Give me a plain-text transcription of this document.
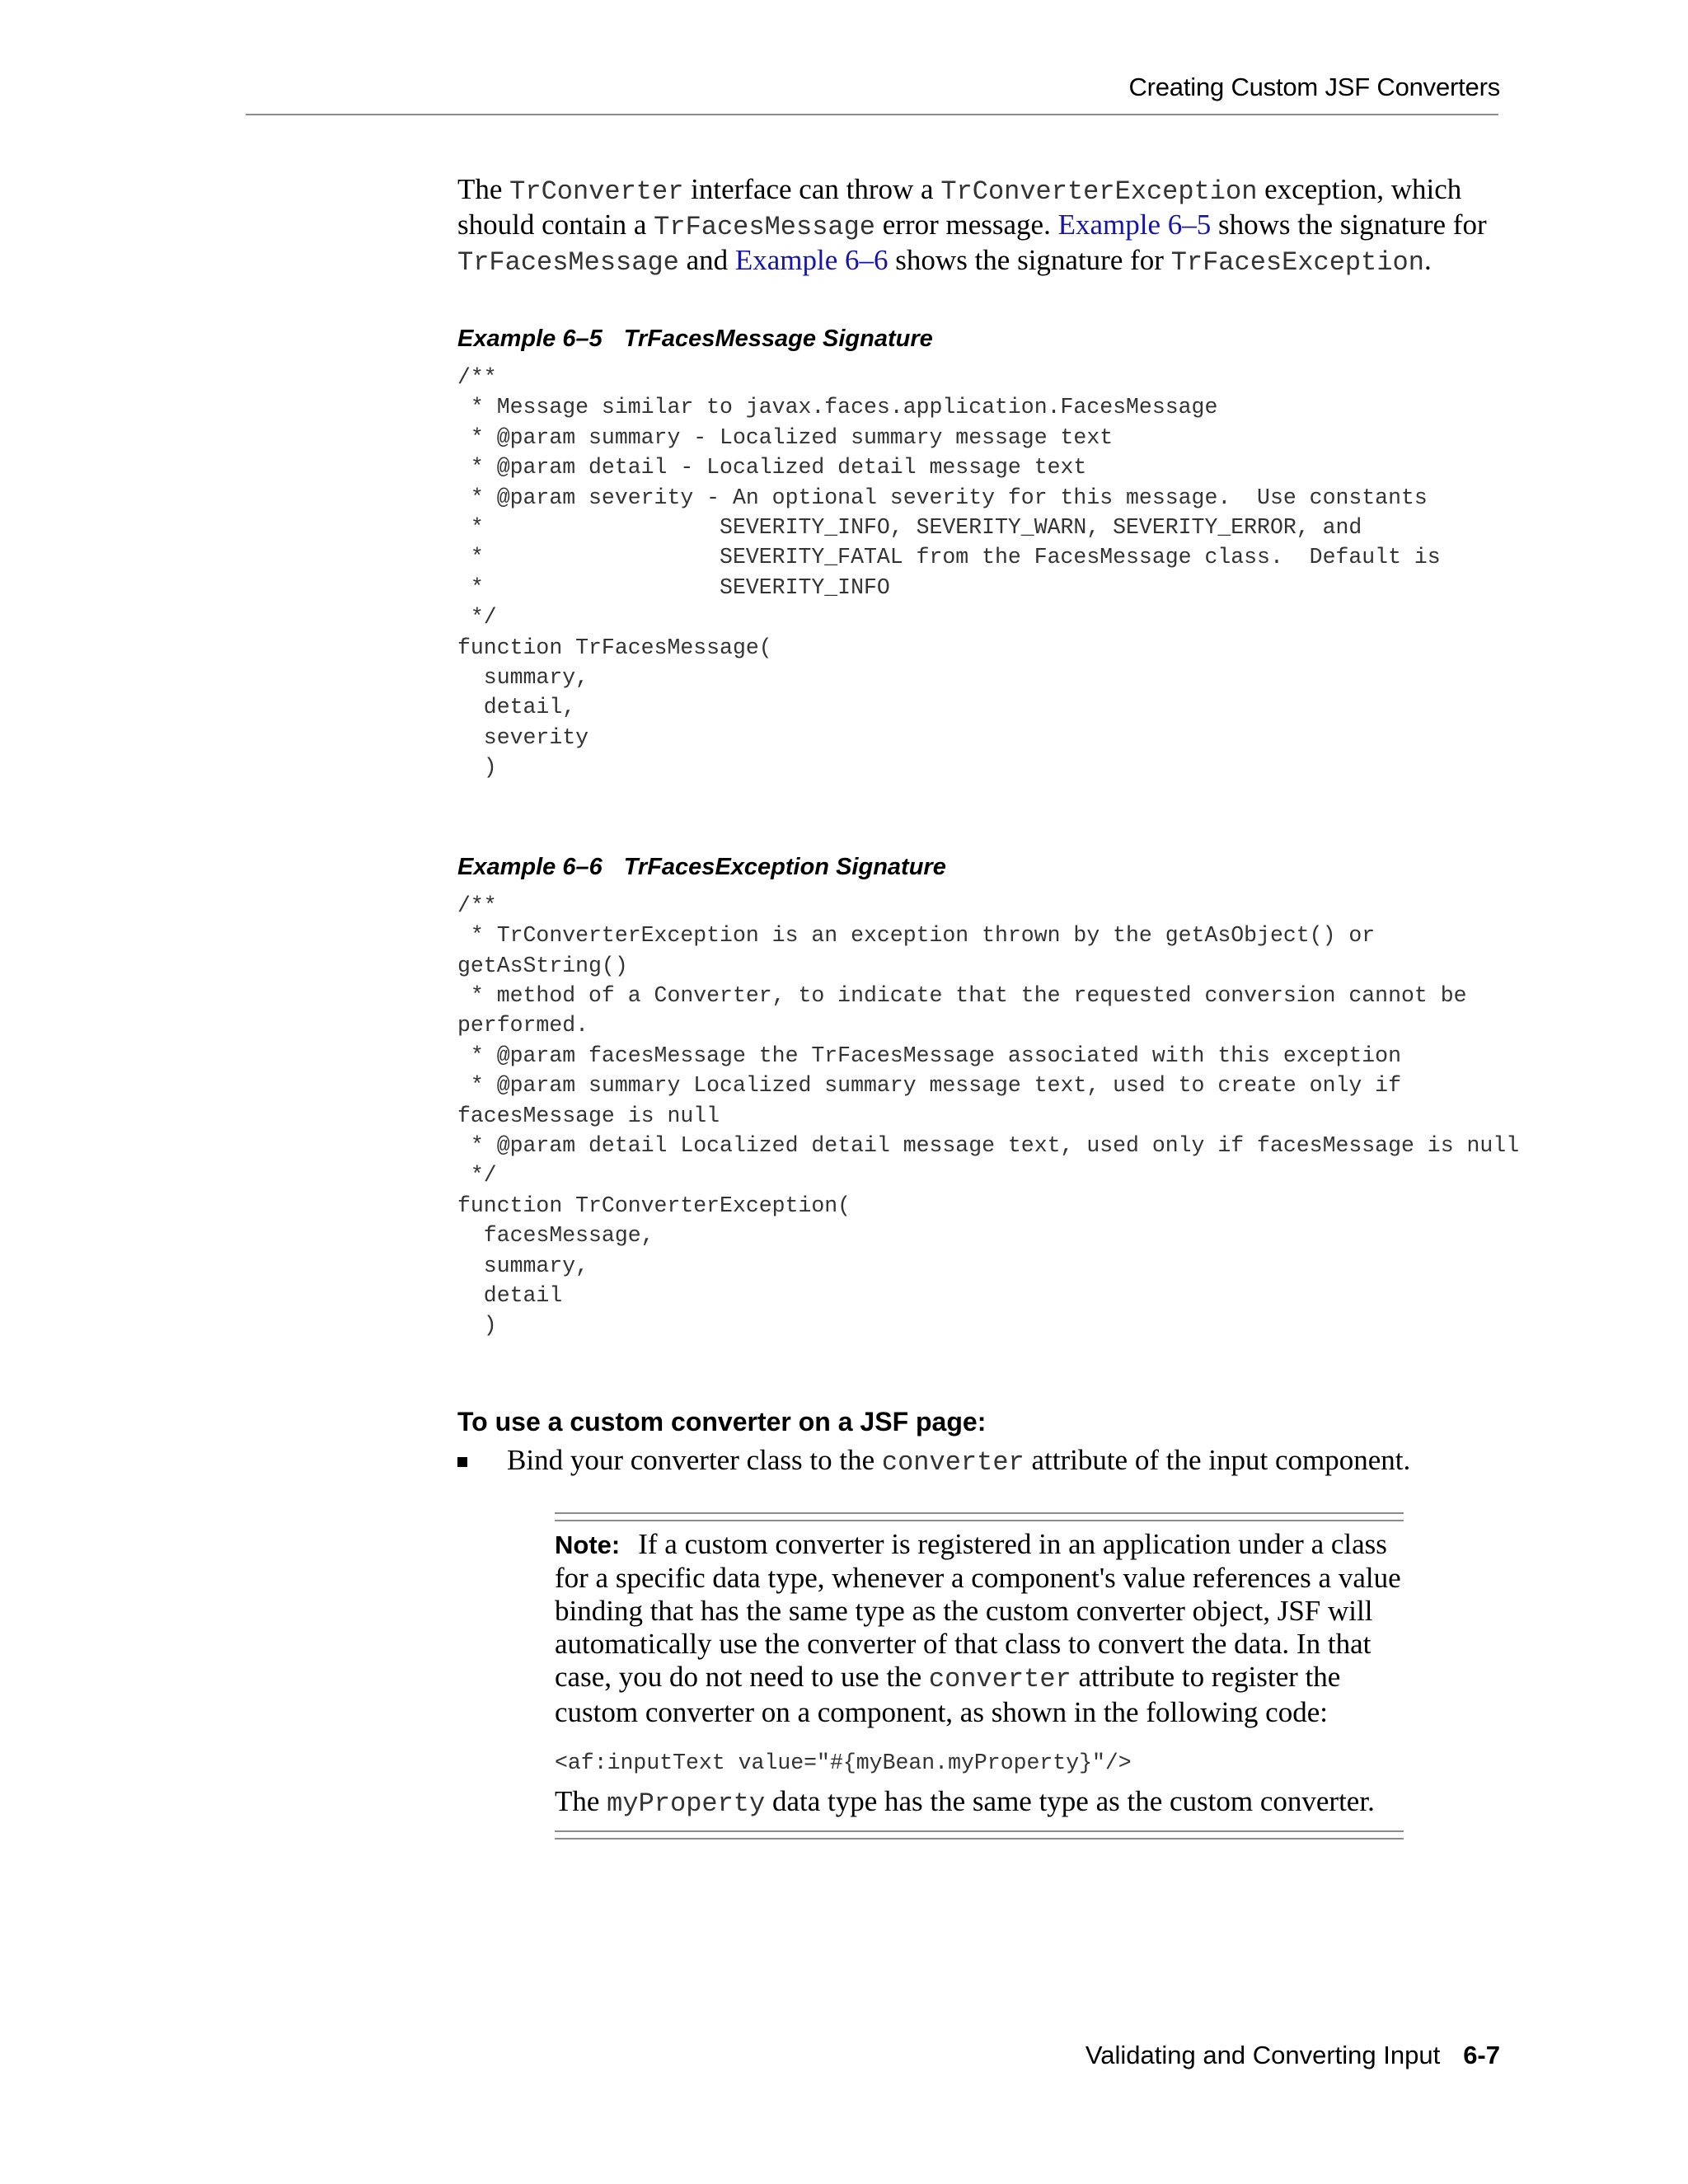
Creating Custom JSF Converters

The TrConverter interface can throw a TrConverterException exception, which should contain a TrFacesMessage error message. Example 6–5 shows the signature for TrFacesMessage and Example 6–6 shows the signature for TrFacesException.

Example 6–5 TrFacesMessage Signature

/**
* Message similar to javax.faces.application.FacesMessage
* @param summary - Localized summary message text
* @param detail - Localized detail message text
* @param severity - An optional severity for this message.  Use constants
*                  SEVERITY_INFO, SEVERITY_WARN, SEVERITY_ERROR, and
*                  SEVERITY_FATAL from the FacesMessage class.  Default is
*                  SEVERITY_INFO
*/
function TrFacesMessage(
summary,
detail,
severity
)

Example 6–6 TrFacesException Signature

/**
* TrConverterException is an exception thrown by the getAsObject() or
getAsString()
* method of a Converter, to indicate that the requested conversion cannot be
performed.
* @param facesMessage the TrFacesMessage associated with this exception
* @param summary Localized summary message text, used to create only if
facesMessage is null
* @param detail Localized detail message text, used only if facesMessage is null
*/
function TrConverterException(
facesMessage,
summary,
detail
)

To use a custom converter on a JSF page:

Bind your converter class to the converter attribute of the input component.

Note: If a custom converter is registered in an application under a class for a specific data type, whenever a component's value references a value binding that has the same type as the custom converter object, JSF will automatically use the converter of that class to convert the data. In that case, you do not need to use the converter attribute to register the custom converter on a component, as shown in the following code:

<af:inputText value="#{myBean.myProperty}"/>

The myProperty data type has the same type as the custom converter.

Validating and Converting Input 6-7
